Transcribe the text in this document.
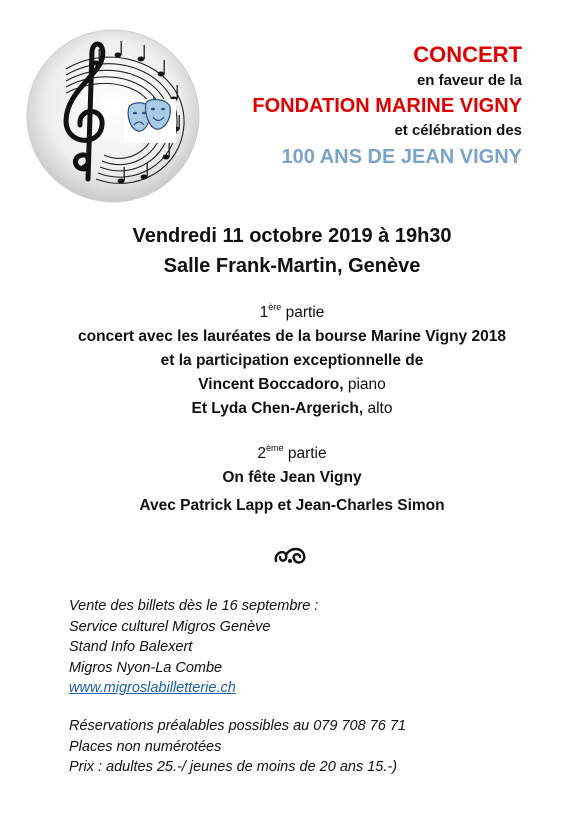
CONCERT
en faveur de la
FONDATION MARINE VIGNY
et célébration des
100 ANS DE JEAN VIGNY
Vendredi 11 octobre 2019 à 19h30
Salle Frank-Martin, Genève
1ère partie
concert avec les lauréates de la bourse Marine Vigny 2018
et la participation exceptionnelle de
Vincent Boccadoro, piano
Et Lyda Chen-Argerich, alto
2ème partie
On fête Jean Vigny
Avec Patrick Lapp et Jean-Charles Simon
Vente des billets dès le 16 septembre :
Service culturel Migros Genève
Stand Info Balexert
Migros Nyon-La Combe
www.migroslabilletterie.ch
Réservations préalables possibles au 079 708 76 71
Places non numérotées
Prix : adultes 25.-/ jeunes de moins de 20 ans 15.-)
